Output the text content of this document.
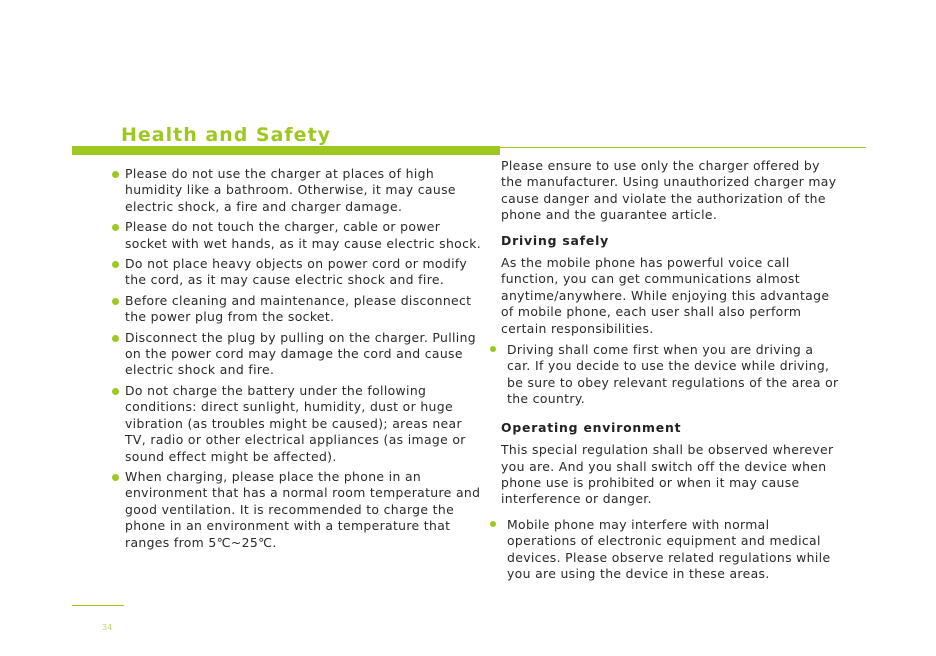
Health and Safety
Please do not use the charger at places of high humidity like a bathroom. Otherwise, it may cause electric shock, a fire and charger damage.
Please do not touch the charger, cable or power socket with wet hands, as it may cause electric shock.
Do not place heavy objects on power cord or modify the cord, as it may cause electric shock and fire.
Before cleaning and maintenance, please disconnect the power plug from the socket.
Disconnect the plug by pulling on the charger. Pulling on the power cord may damage the cord and cause electric shock and fire.
Do not charge the battery under the following conditions: direct sunlight, humidity, dust or huge vibration (as troubles might be caused); areas near TV, radio or other electrical appliances (as image or sound effect might be affected).
When charging, please place the phone in an environment that has a normal room temperature and good ventilation. It is recommended to charge the phone in an environment with a temperature that ranges from 5℃~25℃.

Please ensure to use only the charger offered by the manufacturer. Using unauthorized charger may cause danger and violate the authorization of the phone and the guarantee article.

Driving safely

As the mobile phone has powerful voice call function, you can get communications almost anytime/anywhere. While enjoying this advantage of mobile phone, each user shall also perform certain responsibilities.

Driving shall come first when you are driving a car. If you decide to use the device while driving, be sure to obey relevant regulations of the area or the country.
Operating environment

This special regulation shall be observed wherever you are. And you shall switch off the device when phone use is prohibited or when it may cause interference or danger.

Mobile phone may interfere with normal operations of electronic equipment and medical devices. Please observe related regulations while you are using the device in these areas.
34
